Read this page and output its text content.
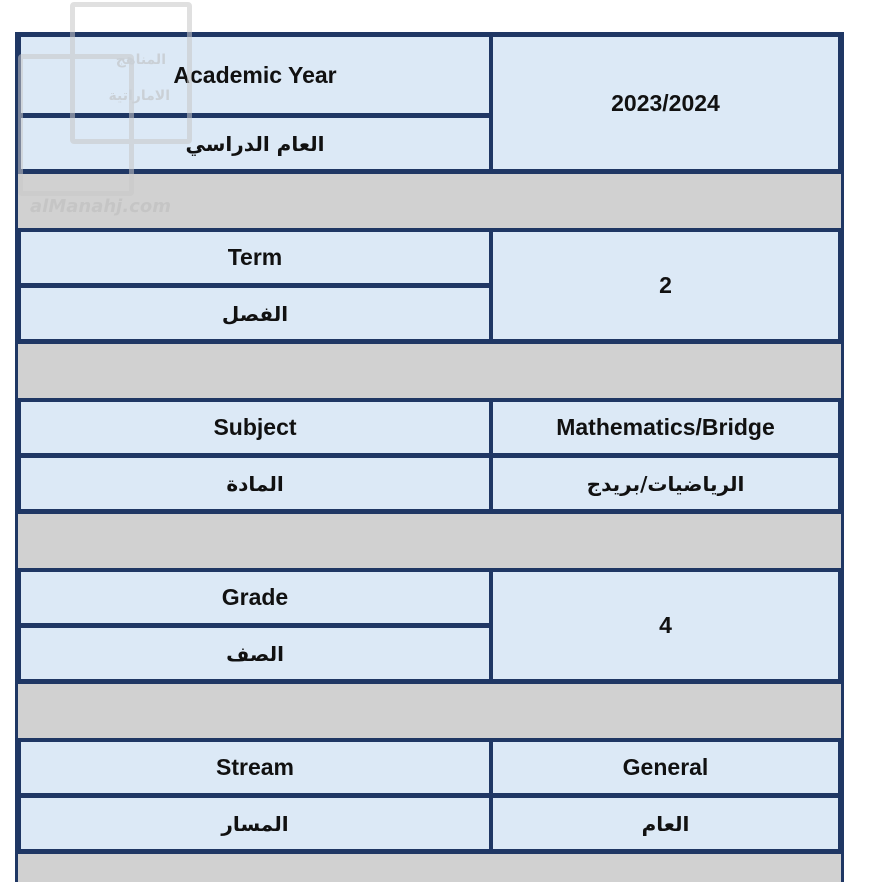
Academic Year
العام الدراسي
2023/2024
Term
الفصل
2
Subject
المادة
Mathematics/Bridge
الرياضيات/بريدج
Grade
الصف
4
Stream
المسار
General
العام
المناهج
الاماراتية
alManahj.com
